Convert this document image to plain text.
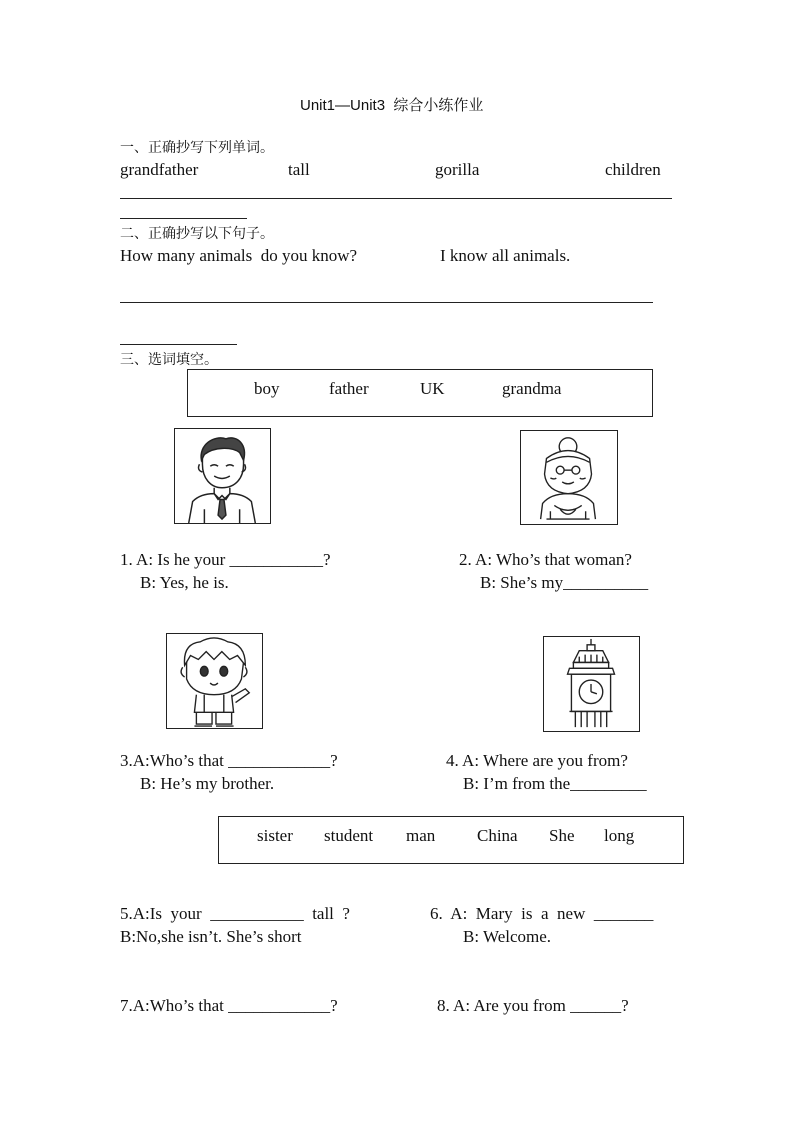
Unit1—Unit3  综合小练作业
一、正确抄写下列单词。
grandfather	tall	gorilla	children
二、正确抄写以下句子。
How many animals  do you know?	I know all animals.
三、选词填空。
boy	father	UK	grandma
1. A: Is he your ___________?
B: Yes, he is.
2. A: Who’s that woman?
B: She’s my__________
3.A:Who’s that ____________?
B: He’s my brother.
4. A: Where are you from?
B: I’m from the_________
sister student man China She long
5.A:Is  your  ___________  tall  ?
B:No,she isn’t. She’s short
6.  A:  Mary  is  a  new  _______
B: Welcome.
7.A:Who’s that ____________?	8. A: Are you from ______?
